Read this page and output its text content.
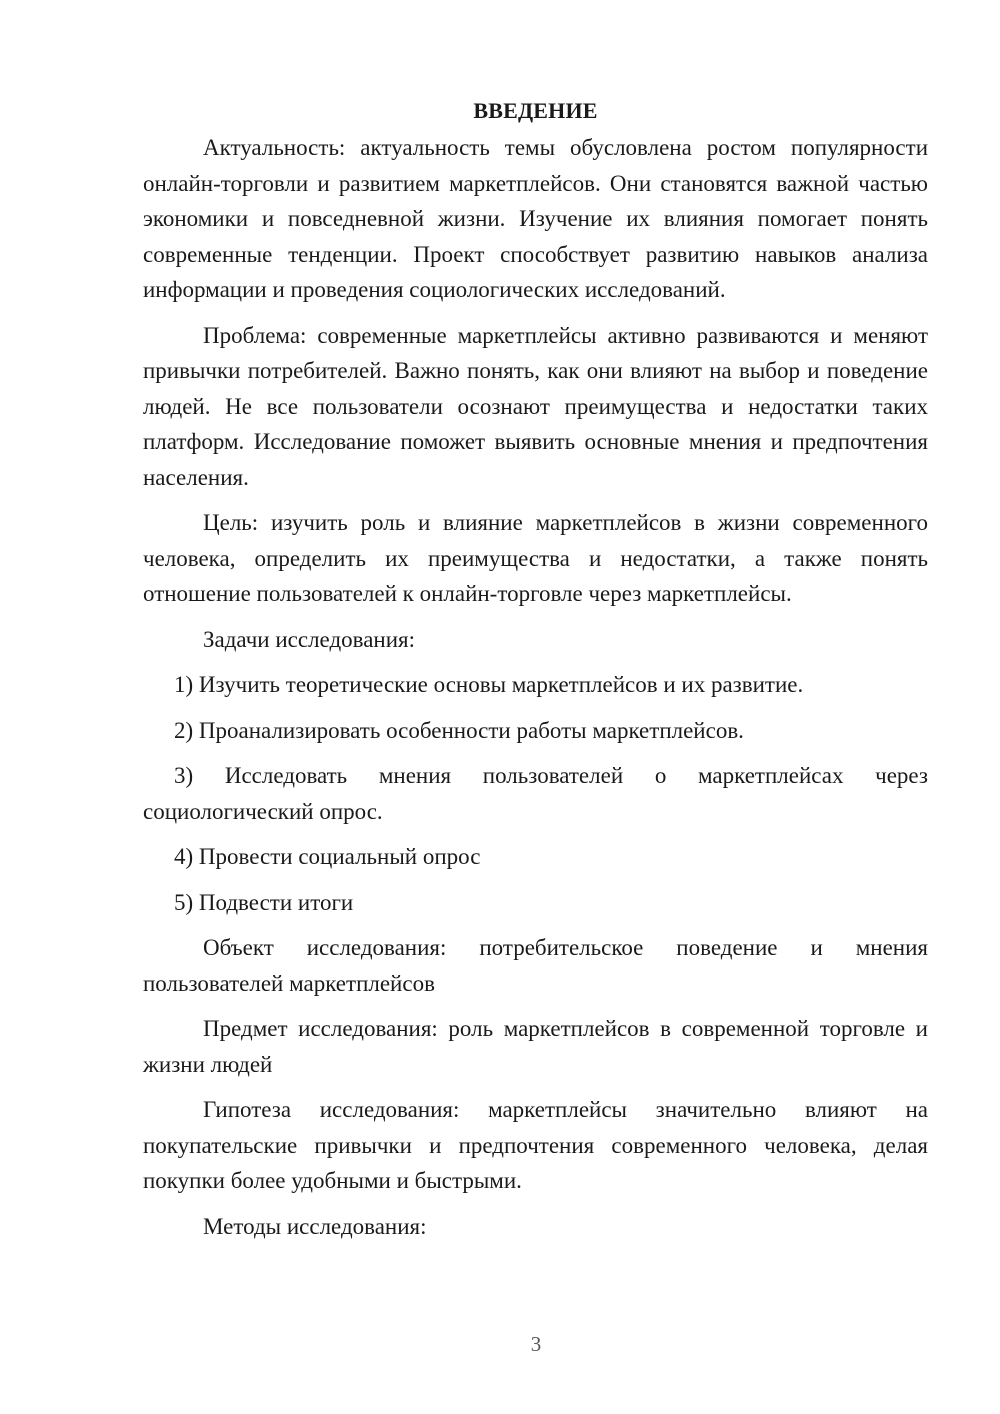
ВВЕДЕНИЕ

Актуальность: актуальность темы обусловлена ростом популярности онлайн-торговли и развитием маркетплейсов. Они становятся важной частью экономики и повседневной жизни. Изучение их влияния помогает понять современные тенденции. Проект способствует развитию навыков анализа информации и проведения социологических исследований.

Проблема: современные маркетплейсы активно развиваются и меняют привычки потребителей. Важно понять, как они влияют на выбор и поведение людей. Не все пользователи осознают преимущества и недостатки таких платформ. Исследование поможет выявить основные мнения и предпочтения населения.

Цель: изучить роль и влияние маркетплейсов в жизни современного человека, определить их преимущества и недостатки, а также понять отношение пользователей к онлайн-торговле через маркетплейсы.

Задачи исследования:

1) Изучить теоретические основы маркетплейсов и их развитие.

2) Проанализировать особенности работы маркетплейсов.

3) Исследовать мнения пользователей о маркетплейсах через социологический опрос.

4) Провести социальный опрос

5) Подвести итоги

Объект исследования: потребительское поведение и мнения пользователей маркетплейсов

Предмет исследования: роль маркетплейсов в современной торговле и жизни людей

Гипотеза исследования: маркетплейсы значительно влияют на покупательские привычки и предпочтения современного человека, делая покупки более удобными и быстрыми.

Методы исследования:

3
